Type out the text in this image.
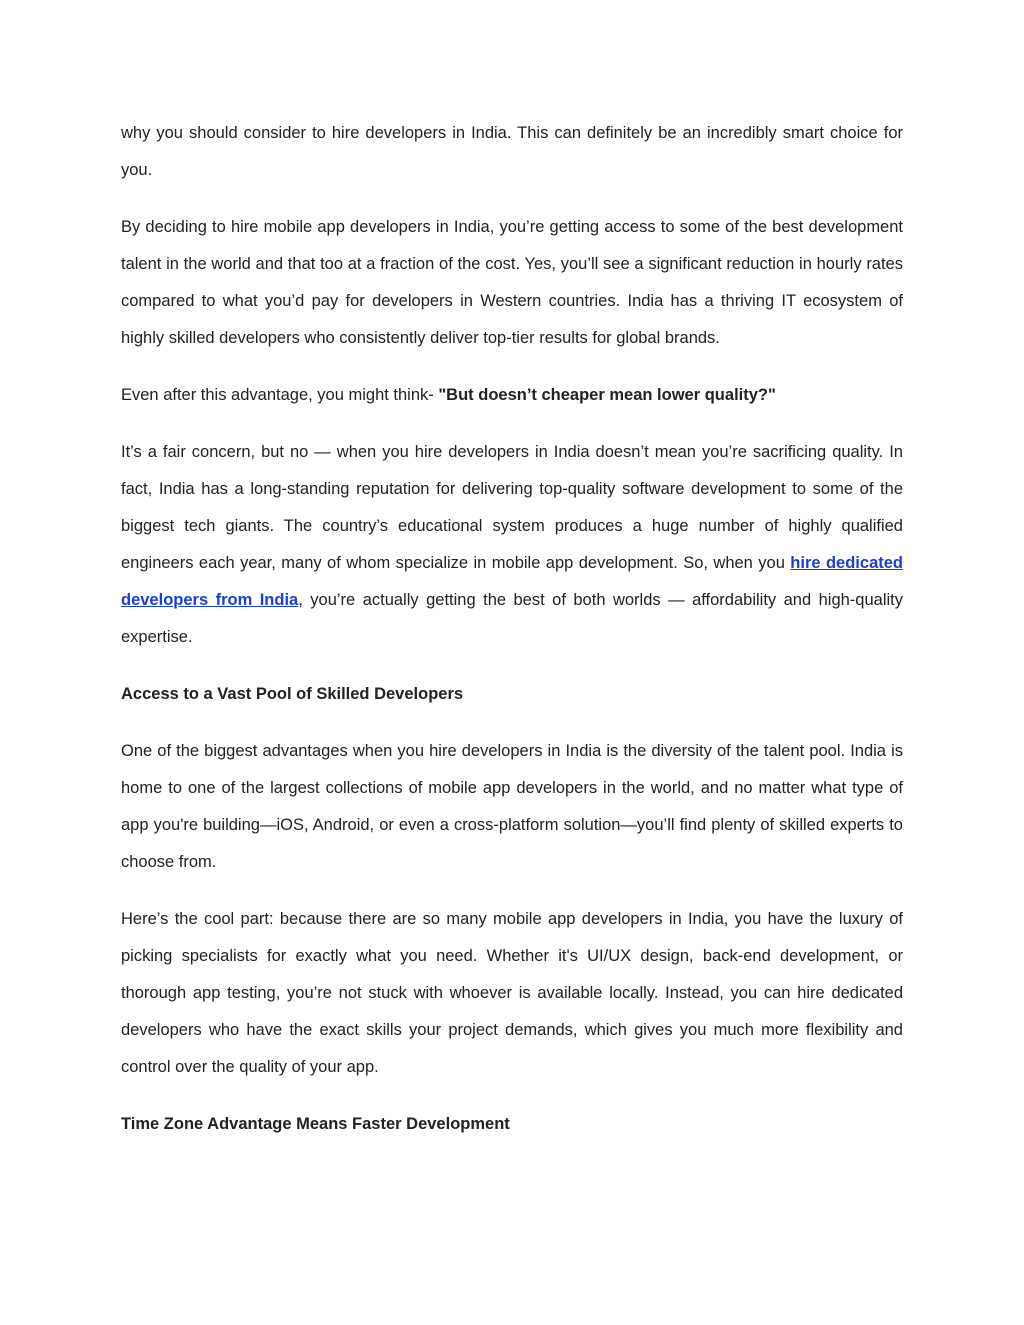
why you should consider to hire developers in India. This can definitely be an incredibly smart choice for you.

By deciding to hire mobile app developers in India, you’re getting access to some of the best development talent in the world and that too at a fraction of the cost. Yes, you’ll see a significant reduction in hourly rates compared to what you’d pay for developers in Western countries. India has a thriving IT ecosystem of highly skilled developers who consistently deliver top-tier results for global brands.

Even after this advantage, you might think- "But doesn’t cheaper mean lower quality?"

It’s a fair concern, but no — when you hire developers in India doesn’t mean you’re sacrificing quality. In fact, India has a long-standing reputation for delivering top-quality software development to some of the biggest tech giants. The country’s educational system produces a huge number of highly qualified engineers each year, many of whom specialize in mobile app development. So, when you hire dedicated developers from India, you’re actually getting the best of both worlds — affordability and high-quality expertise.

Access to a Vast Pool of Skilled Developers

One of the biggest advantages when you hire developers in India is the diversity of the talent pool. India is home to one of the largest collections of mobile app developers in the world, and no matter what type of app you're building—iOS, Android, or even a cross-platform solution—you’ll find plenty of skilled experts to choose from.

Here’s the cool part: because there are so many mobile app developers in India, you have the luxury of picking specialists for exactly what you need. Whether it's UI/UX design, back-end development, or thorough app testing, you’re not stuck with whoever is available locally. Instead, you can hire dedicated developers who have the exact skills your project demands, which gives you much more flexibility and control over the quality of your app.

Time Zone Advantage Means Faster Development
